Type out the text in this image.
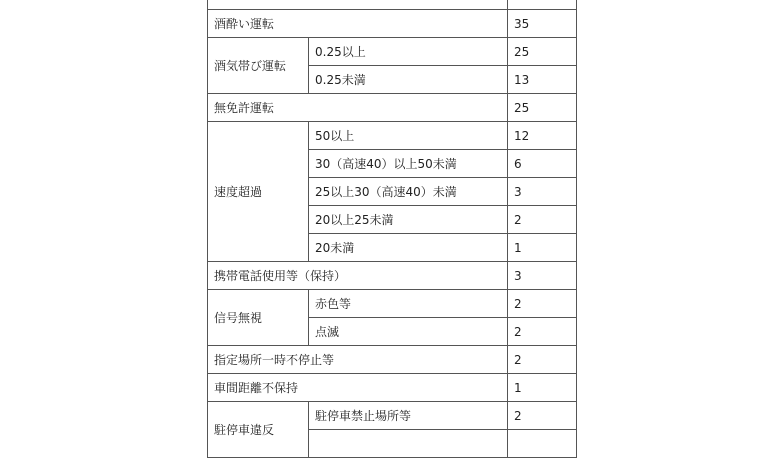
酒酔い運転		35
酒気帯び運転	0.25以上	25
	0.25未満	13
無免許運転		25
速度超過	50以上	12
	30（高速40）以上50未満	6
	25以上30（高速40）未満	3
	20以上25未満	2
	20未満	1
携帯電話使用等（保持）		3
信号無視	赤色等	2
	点滅	2
指定場所一時不停止等		2
車間距離不保持		1
駐停車違反	駐停車禁止場所等	2
